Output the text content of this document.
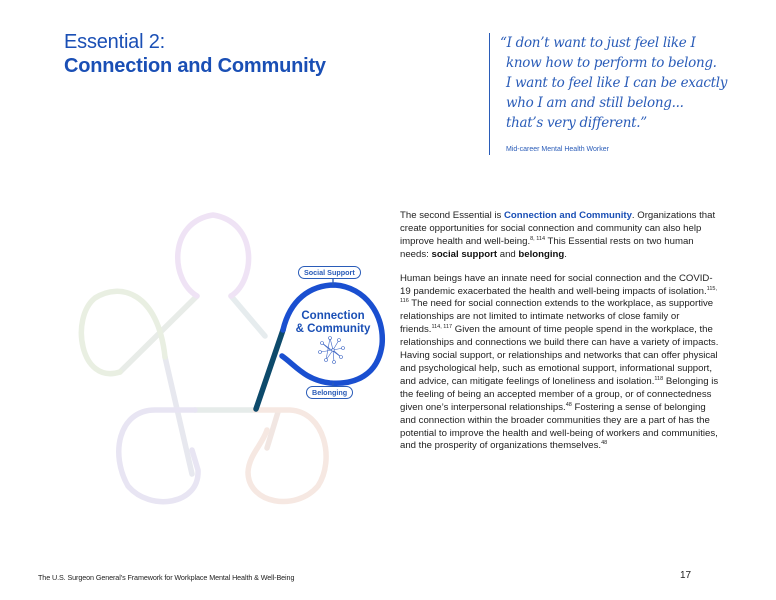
Essential 2:
Connection and Community
“I don’t want to just feel like I
know how to perform to belong.
I want to feel like I can be exactly
who I am and still belong...
that’s very different.”
Mid-career Mental Health Worker
Social Support
Connection
& Community
Belonging

The second Essential is Connection and Community. Organizations that create opportunities for social connection and community can also help improve health and well-being.$^{8, 114}$ This Essential rests on two human needs: social support and belonging.

Human beings have an innate need for social connection and the COVID-19 pandemic exacerbated the health and well-being impacts of isolation.$^{115, 116}$ The need for social connection extends to the workplace, as supportive relationships are not limited to intimate networks of close family or friends.$^{114, 117}$ Given the amount of time people spend in the workplace, the relationships and connections we build there can have a variety of impacts. Having social support, or relationships and networks that can offer physical and psychological help, such as emotional support, informational support, and advice, can mitigate feelings of loneliness and isolation.$^{118}$ Belonging is the feeling of being an accepted member of a group, or of connectedness given one’s interpersonal relationships.$^{48}$ Fostering a sense of belonging and connection within the broader communities they are a part of has the potential to improve the health and well-being of workers and communities, and the prosperity of organizations themselves.$^{48}$

The U.S. Surgeon General’s Framework for Workplace Mental Health & Well-Being	17
